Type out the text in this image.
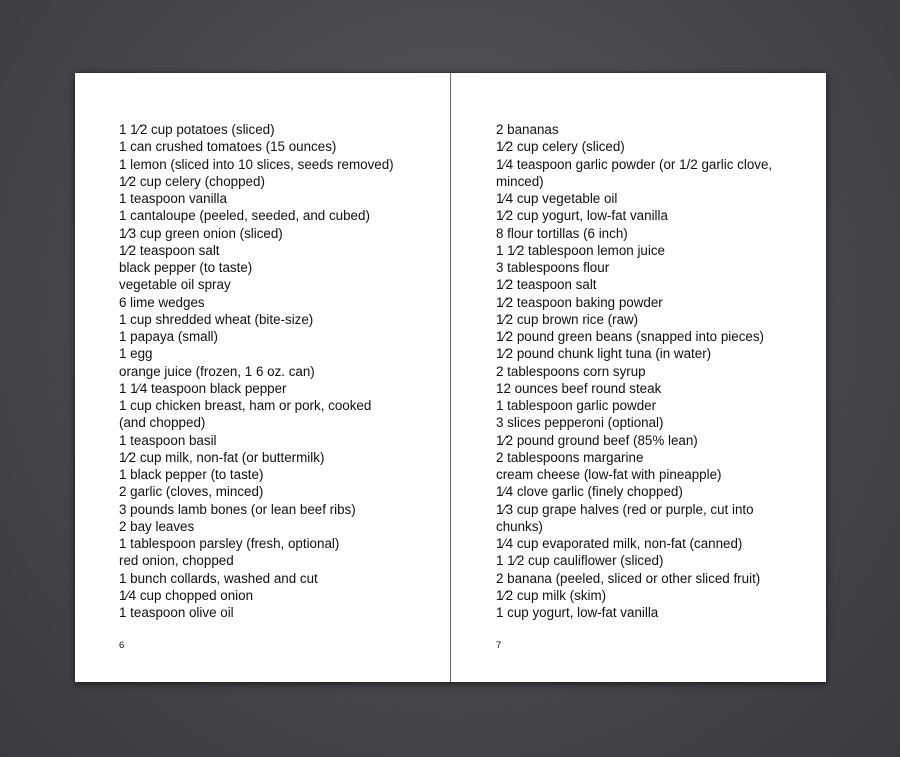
1 1⁄2 cup potatoes (sliced)
1 can crushed tomatoes (15 ounces)
1 lemon (sliced into 10 slices, seeds removed)
1⁄2 cup celery (chopped)
1 teaspoon vanilla
1 cantaloupe (peeled, seeded, and cubed)
1⁄3 cup green onion (sliced)
1⁄2 teaspoon salt
black pepper (to taste)
vegetable oil spray
6 lime wedges
1 cup shredded wheat (bite-size)
1 papaya (small)
1 egg
orange juice (frozen, 1 6 oz. can)
1 1⁄4 teaspoon black pepper
1 cup chicken breast, ham or pork, cooked
(and chopped)
1 teaspoon basil
1⁄2 cup milk, non-fat (or buttermilk)
1 black pepper (to taste)
2 garlic (cloves, minced)
3 pounds lamb bones (or lean beef ribs)
2 bay leaves
1 tablespoon parsley (fresh, optional)
red onion, chopped
1 bunch collards, washed and cut
1⁄4 cup chopped onion
1 teaspoon olive oil
6
2 bananas
1⁄2 cup celery (sliced)
1⁄4 teaspoon garlic powder (or 1/2 garlic clove,
minced)
1⁄4 cup vegetable oil
1⁄2 cup yogurt, low-fat vanilla
8 flour tortillas (6 inch)
1 1⁄2 tablespoon lemon juice
3 tablespoons flour
1⁄2 teaspoon salt
1⁄2 teaspoon baking powder
1⁄2 cup brown rice (raw)
1⁄2 pound green beans (snapped into pieces)
1⁄2 pound chunk light tuna (in water)
2 tablespoons corn syrup
12 ounces beef round steak
1 tablespoon garlic powder
3 slices pepperoni (optional)
1⁄2 pound ground beef (85% lean)
2 tablespoons margarine
cream cheese (low-fat with pineapple)
1⁄4 clove garlic (finely chopped)
1⁄3 cup grape halves (red or purple, cut into
chunks)
1⁄4 cup evaporated milk, non-fat (canned)
1 1⁄2 cup cauliflower (sliced)
2 banana (peeled, sliced or other sliced fruit)
1⁄2 cup milk (skim)
1 cup yogurt, low-fat vanilla
7
